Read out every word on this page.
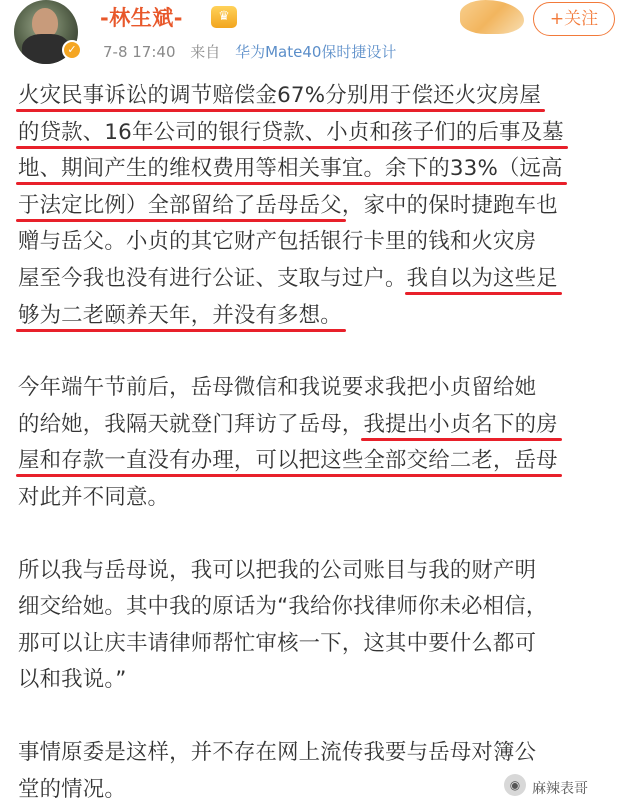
✓
-林生斌-	♛
7-8 17:40 来自 华为Mate40保时捷设计
+关注

火灾民事诉讼的调节赔偿金67%分别用于偿还火灾房屋
的贷款、16年公司的银行贷款、小贞和孩子们的后事及墓
地、期间产生的维权费用等相关事宜。余下的33%（远高
于法定比例）全部留给了岳母岳父，家中的保时捷跑车也
赠与岳父。小贞的其它财产包括银行卡里的钱和火灾房
屋至今我也没有进行公证、支取与过户。我自以为这些足
够为二老颐养天年，并没有多想。

今年端午节前后，岳母微信和我说要求我把小贞留给她
的给她，我隔天就登门拜访了岳母，我提出小贞名下的房
屋和存款一直没有办理，可以把这些全部交给二老，岳母
对此并不同意。

所以我与岳母说，我可以把我的公司账目与我的财产明
细交给她。其中我的原话为“我给你找律师你未必相信，
那可以让庆丰请律师帮忙审核一下，这其中要什么都可
以和我说。”

事情原委是这样，并不存在网上流传我要与岳母对簿公
堂的情况。	◉ 麻辣表哥
